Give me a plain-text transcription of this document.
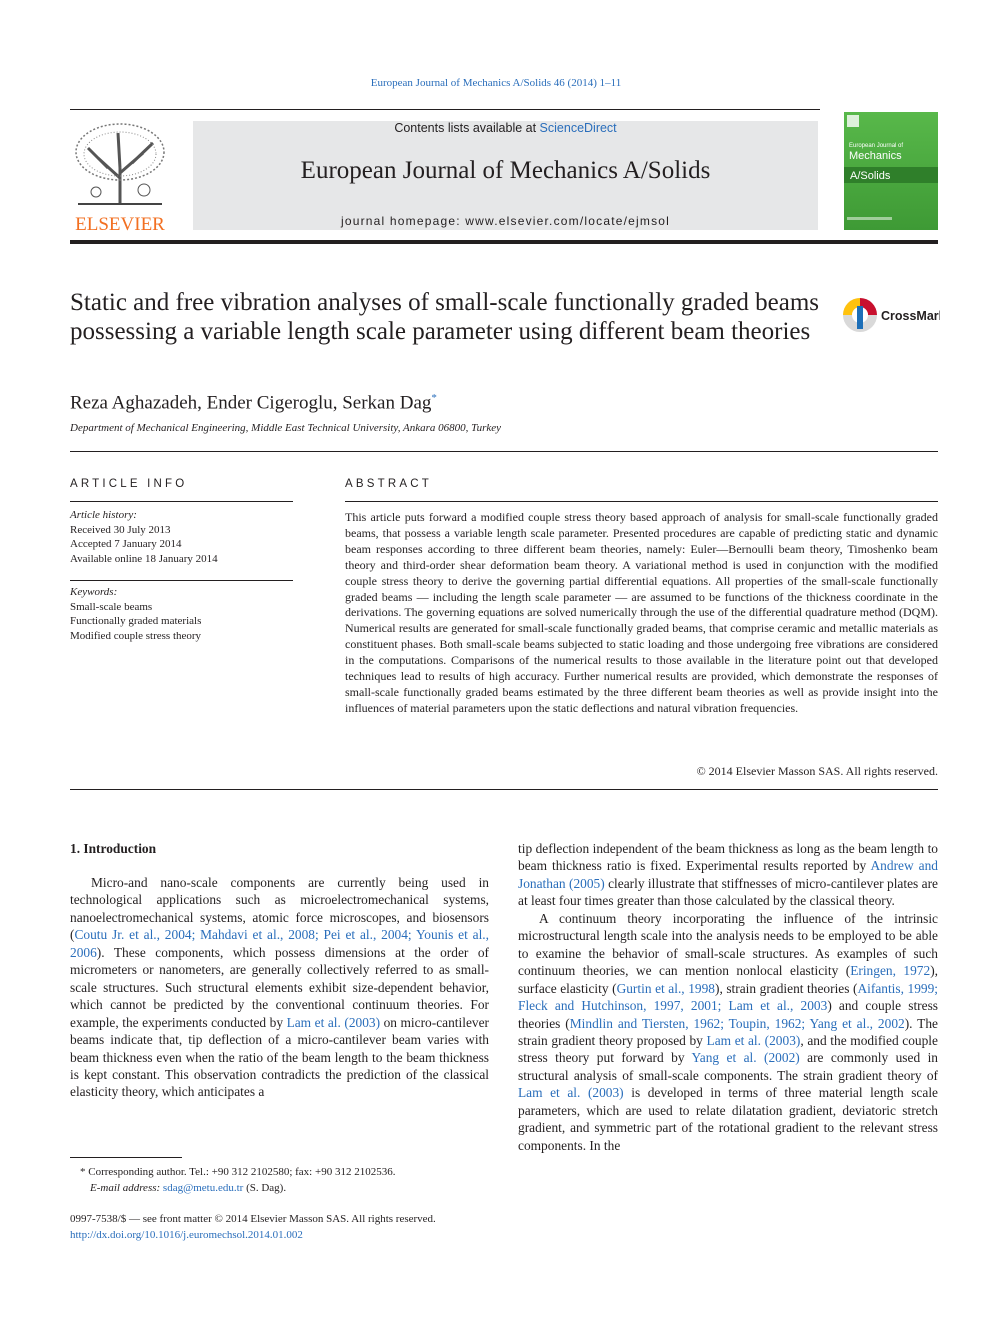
European Journal of Mechanics A/Solids 46 (2014) 1–11
ELSEVIER
Contents lists available at ScienceDirect
European Journal of Mechanics A/Solids
journal homepage: www.elsevier.com/locate/ejmsol
European Journal of
Mechanics
A/Solids
Static and free vibration analyses of small-scale functionally graded beams possessing a variable length scale parameter using different beam theories
CrossMark
Reza Aghazadeh, Ender Cigeroglu, Serkan Dag*
Department of Mechanical Engineering, Middle East Technical University, Ankara 06800, Turkey
ARTICLE INFO
Article history:
Received 30 July 2013
Accepted 7 January 2014
Available online 18 January 2014
Keywords:
Small-scale beams
Functionally graded materials
Modified couple stress theory
ABSTRACT
This article puts forward a modified couple stress theory based approach of analysis for small-scale functionally graded beams, that possess a variable length scale parameter. Presented procedures are capable of predicting static and dynamic beam responses according to three different beam theories, namely: Euler—Bernoulli beam theory, Timoshenko beam theory and third-order shear deformation beam theory. A variational method is used in conjunction with the modified couple stress theory to derive the governing partial differential equations. All properties of the small-scale functionally graded beams — including the length scale parameter — are assumed to be functions of the thickness coordinate in the derivations. The governing equations are solved numerically through the use of the differential quadrature method (DQM). Numerical results are generated for small-scale functionally graded beams, that comprise ceramic and metallic materials as constituent phases. Both small-scale beams subjected to static loading and those undergoing free vibrations are considered in the computations. Comparisons of the numerical results to those available in the literature point out that developed techniques lead to results of high accuracy. Further numerical results are provided, which demonstrate the responses of small-scale functionally graded beams estimated by the three different beam theories as well as provide insight into the influences of material parameters upon the static deflections and natural vibration frequencies.
© 2014 Elsevier Masson SAS. All rights reserved.
1. Introduction

Micro-and nano-scale components are currently being used in technological applications such as microelectromechanical systems, nanoelectromechanical systems, atomic force microscopes, and biosensors (Coutu Jr. et al., 2004; Mahdavi et al., 2008; Pei et al., 2004; Younis et al., 2006). These components, which possess dimensions at the order of micrometers or nanometers, are generally collectively referred to as small-scale structures. Such structural elements exhibit size-dependent behavior, which cannot be predicted by the conventional continuum theories. For example, the experiments conducted by Lam et al. (2003) on micro-cantilever beams indicate that, tip deflection of a micro-cantilever beam varies with beam thickness even when the ratio of the beam length to the beam thickness is kept constant. This observation contradicts the prediction of the classical elasticity theory, which anticipates a

tip deflection independent of the beam thickness as long as the beam length to beam thickness ratio is fixed. Experimental results reported by Andrew and Jonathan (2005) clearly illustrate that stiffnesses of micro-cantilever plates are at least four times greater than those calculated by the classical theory.

A continuum theory incorporating the influence of the intrinsic microstructural length scale into the analysis needs to be employed to be able to examine the behavior of small-scale structures. As examples of such continuum theories, we can mention nonlocal elasticity (Eringen, 1972), surface elasticity (Gurtin et al., 1998), strain gradient theories (Aifantis, 1999; Fleck and Hutchinson, 1997, 2001; Lam et al., 2003) and couple stress theories (Mindlin and Tiersten, 1962; Toupin, 1962; Yang et al., 2002). The strain gradient theory proposed by Lam et al. (2003), and the modified couple stress theory put forward by Yang et al. (2002) are commonly used in structural analysis of small-scale components. The strain gradient theory of Lam et al. (2003) is developed in terms of three material length scale parameters, which are used to relate dilatation gradient, deviatoric stretch gradient, and symmetric part of the rotational gradient to the relevant stress components. In the

* Corresponding author. Tel.: +90 312 2102580; fax: +90 312 2102536.
E-mail address: sdag@metu.edu.tr (S. Dag).
0997-7538/$ — see front matter © 2014 Elsevier Masson SAS. All rights reserved.
http://dx.doi.org/10.1016/j.euromechsol.2014.01.002
